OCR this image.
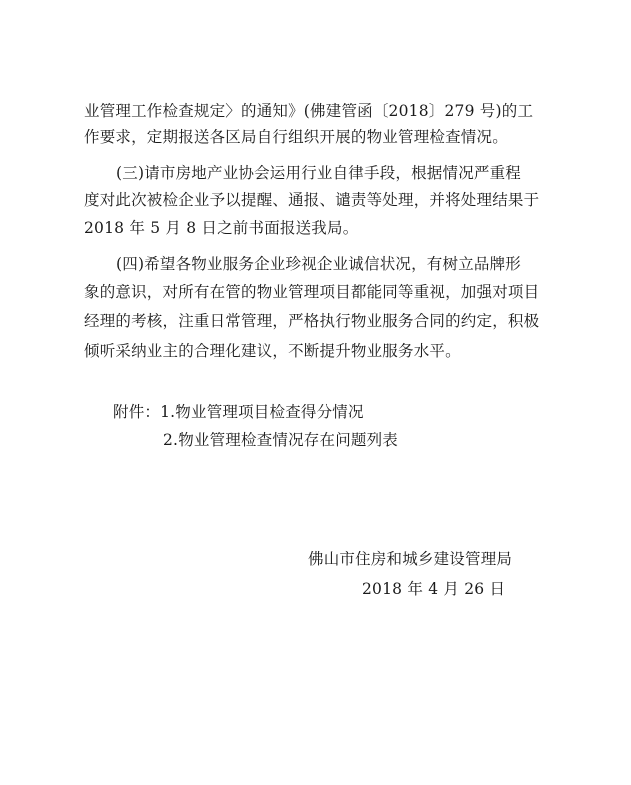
业管理工作检查规定〉的通知》(佛建管函〔2018〕279 号)的工
作要求，定期报送各区局自行组织开展的物业管理检查情况。
(三)请市房地产业协会运用行业自律手段，根据情况严重程
度对此次被检企业予以提醒、通报、谴责等处理，并将处理结果于
2018 年 5 月 8 日之前书面报送我局。
(四)希望各物业服务企业珍视企业诚信状况，有树立品牌形
象的意识，对所有在管的物业管理项目都能同等重视，加强对项目
经理的考核，注重日常管理，严格执行物业服务合同的约定，积极
倾听采纳业主的合理化建议，不断提升物业服务水平。
附件：1.物业管理项目检查得分情况
2.物业管理检查情况存在问题列表
佛山市住房和城乡建设管理局
2018 年 4 月 26 日
